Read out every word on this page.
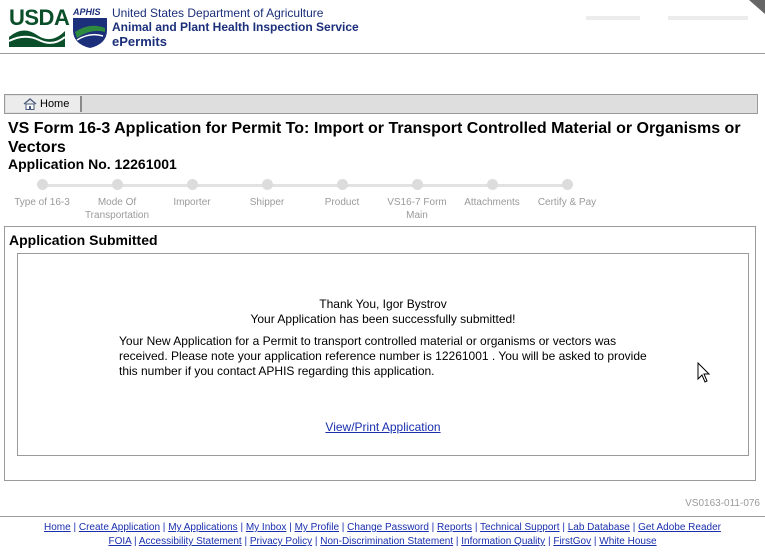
USDA APHIS United States Department of Agriculture
Animal and Plant Health Inspection Service
ePermits
Home
VS Form 16-3 Application for Permit To: Import or Transport Controlled Material or Organisms or Vectors
Application No. 12261001
Type of 16-3	Mode Of Transportation
Importer	Shipper	Product	VS16-7 Form Main
Attachments	Certify & Pay
Application Submitted
Thank You, Igor Bystrov
Your Application has been successfully submitted!
Your New Application for a Permit to transport controlled material or organisms or vectors was received. Please note your application reference number is 12261001 . You will be asked to provide this number if you contact APHIS regarding this application.
View/Print Application
VS0163-011-076
Home | Create Application | My Applications | My Inbox | My Profile | Change Password | Reports | Technical Support | Lab Database | Get Adobe Reader
FOIA | Accessibility Statement | Privacy Policy | Non-Discrimination Statement | Information Quality | FirstGov | White House
